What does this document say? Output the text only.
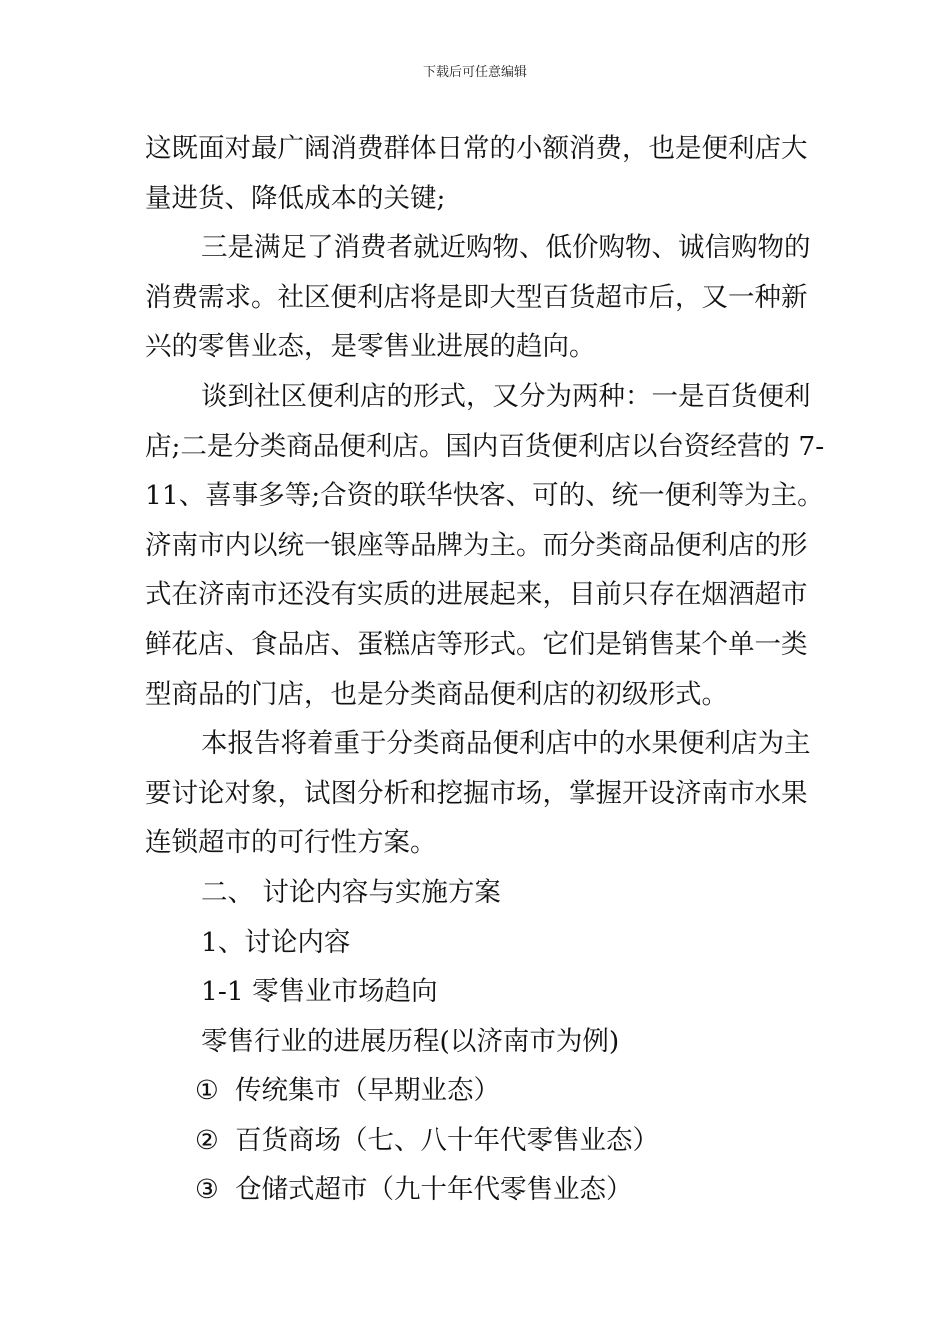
下载后可任意编辑
这既面对最广阔消费群体日常的小额消费，也是便利店大
量进货、降低成本的关键;
三是满足了消费者就近购物、低价购物、诚信购物的
消费需求。社区便利店将是即大型百货超市后，又一种新
兴的零售业态，是零售业进展的趋向。
谈到社区便利店的形式，又分为两种：一是百货便利
店;二是分类商品便利店。国内百货便利店以台资经营的 7-
11、喜事多等;合资的联华快客、可的、统一便利等为主。
济南市内以统一银座等品牌为主。而分类商品便利店的形
式在济南市还没有实质的进展起来，目前只存在烟酒超市
鲜花店、食品店、蛋糕店等形式。它们是销售某个单一类
型商品的门店，也是分类商品便利店的初级形式。
本报告将着重于分类商品便利店中的水果便利店为主
要讨论对象，试图分析和挖掘市场，掌握开设济南市水果
连锁超市的可行性方案。
二、 讨论内容与实施方案
1、讨论内容
1-1 零售业市场趋向
零售行业的进展历程(以济南市为例)
① 传统集市（早期业态）
② 百货商场（七、八十年代零售业态）
③ 仓储式超市（九十年代零售业态）
